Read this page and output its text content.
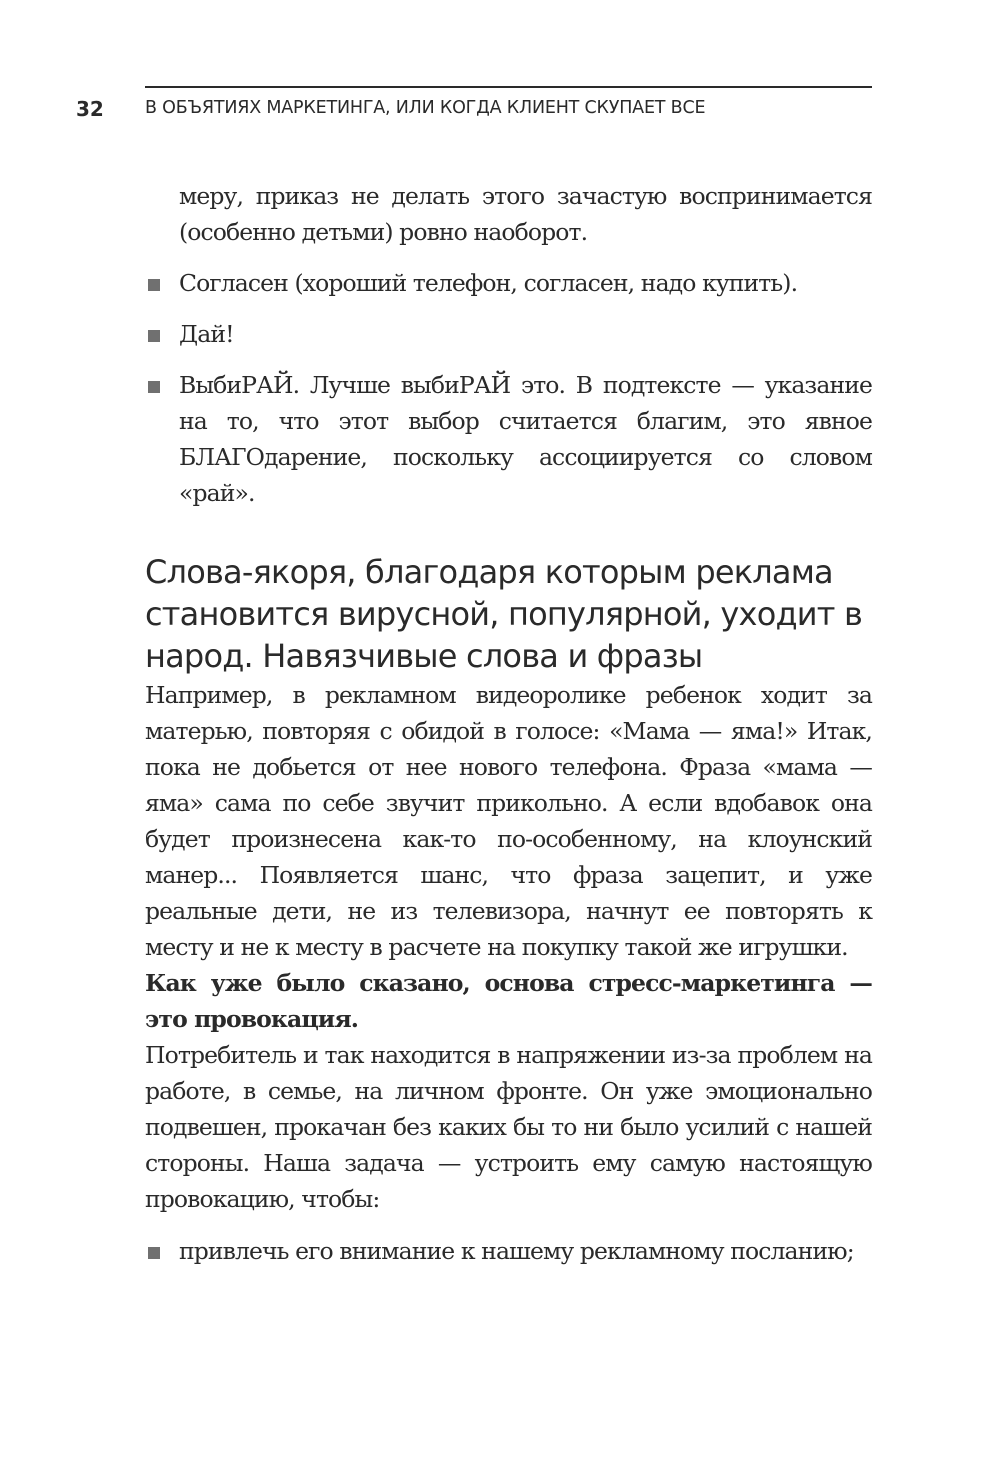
32 В ОБЪЯТИЯХ МАРКЕТИНГА, ИЛИ КОГДА КЛИЕНТ СКУПАЕТ ВСЕ

меру, приказ не делать этого зачастую воспринимается (особенно детьми) ровно наоборот.

Согласен (хороший телефон, согласен, надо купить).
Дай!
ВыбиРАЙ. Лучше выбиРАЙ это. В подтексте — указание на то, что этот выбор считается благим, это явное БЛАГОдарение, поскольку ассоциируется со словом «рай».
Слова-якоря, благодаря которым реклама становится вирусной, популярной, уходит в народ. Навязчивые слова и фразы

Например, в рекламном видеоролике ребенок ходит за матерью, повторяя с обидой в голосе: «Мама — яма!» Итак, пока не добьется от нее нового телефона. Фраза «мама — яма» сама по себе звучит прикольно. А если вдобавок она будет произнесена как-то по-особенному, на клоунский манер... Появляется шанс, что фраза зацепит, и уже реальные дети, не из телевизора, начнут ее повторять к месту и не к месту в расчете на покупку такой же игрушки.

Как уже было сказано, основа стресс-маркетинга — это провокация.

Потребитель и так находится в напряжении из-за проблем на работе, в семье, на личном фронте. Он уже эмоционально подвешен, прокачан без каких бы то ни было усилий с нашей стороны. Наша задача — устроить ему самую настоящую провокацию, чтобы:

привлечь его внимание к нашему рекламному посланию;
